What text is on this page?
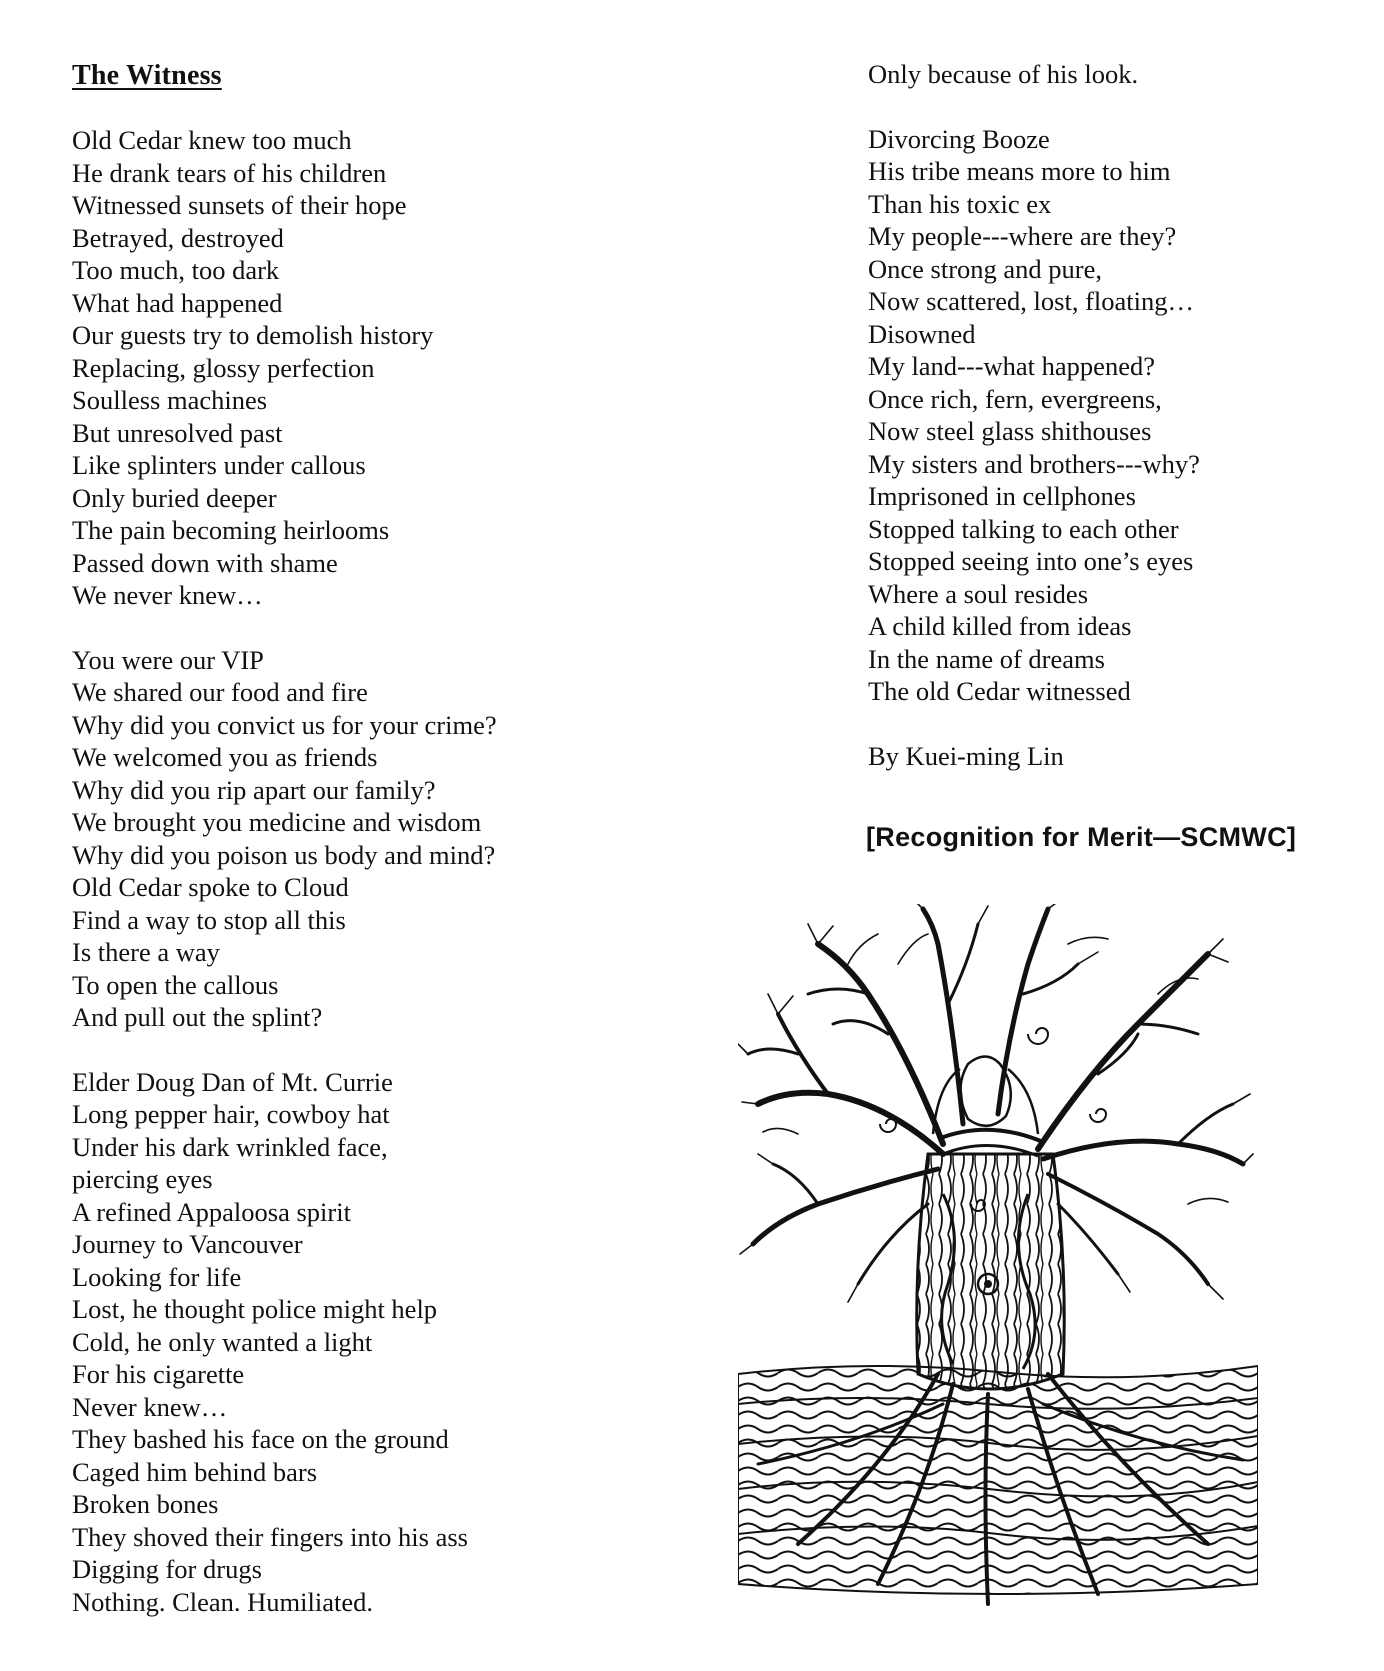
The Witness
Old Cedar knew too much
He drank tears of his children
Witnessed sunsets of their hope
Betrayed, destroyed
Too much, too dark
What had happened
Our guests try to demolish history
Replacing, glossy perfection
Soulless machines
But unresolved past
Like splinters under callous
Only buried deeper
The pain becoming heirlooms
Passed down with shame
We never knew…
You were our VIP
We shared our food and fire
Why did you convict us for your crime?
We welcomed you as friends
Why did you rip apart our family?
We brought you medicine and wisdom
Why did you poison us body and mind?
Old Cedar spoke to Cloud
Find a way to stop all this
Is there a way
To open the callous
And pull out the splint?
Elder Doug Dan of Mt. Currie
Long pepper hair, cowboy hat
Under his dark wrinkled face,
piercing eyes
A refined Appaloosa spirit
Journey to Vancouver
Looking for life
Lost, he thought police might help
Cold, he only wanted a light
For his cigarette
Never knew…
They bashed his face on the ground
Caged him behind bars
Broken bones
They shoved their fingers into his ass
Digging for drugs
Nothing. Clean. Humiliated.
Only because of his look.
Divorcing Booze
His tribe means more to him
Than his toxic ex
My people---where are they?
Once strong and pure,
Now scattered, lost, floating…
Disowned
My land---what happened?
Once rich, fern, evergreens,
Now steel glass shithouses
My sisters and brothers---why?
Imprisoned in cellphones
Stopped talking to each other
Stopped seeing into one’s eyes
Where a soul resides
A child killed from ideas
In the name of dreams
The old Cedar witnessed
By Kuei-ming Lin
[Recognition for Merit—SCMWC]
